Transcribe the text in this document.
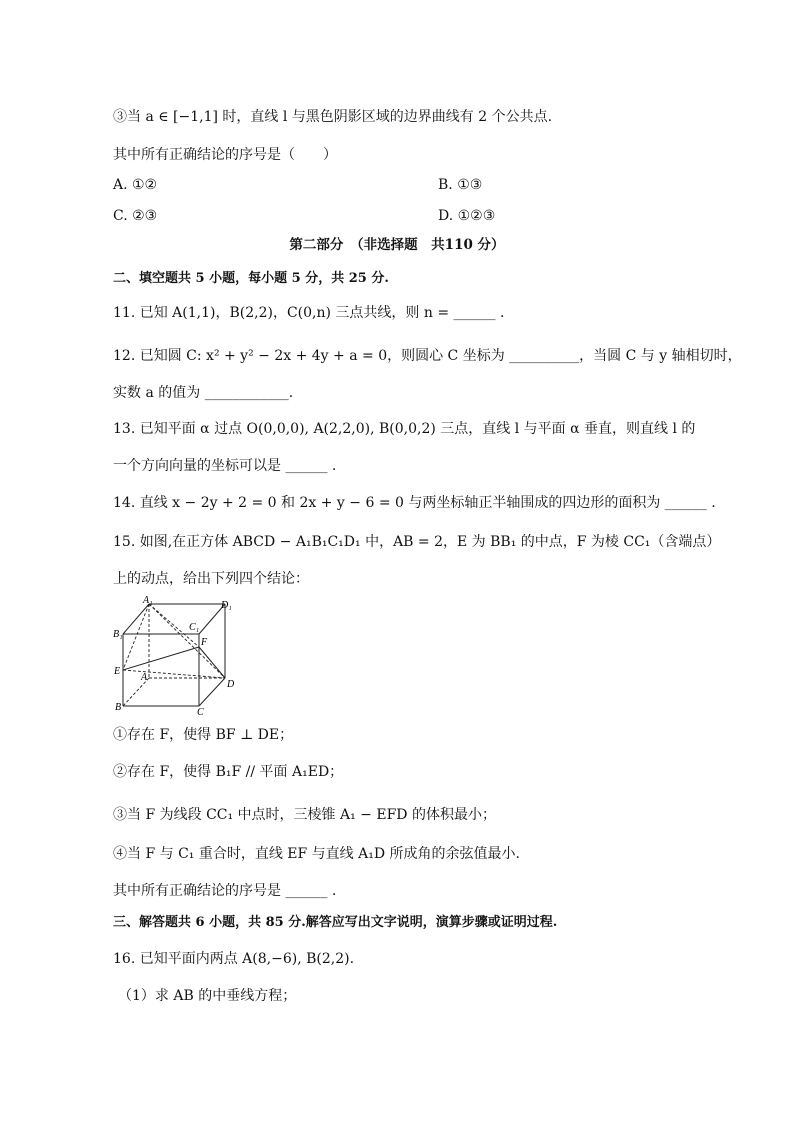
③当 a ∈ [−1,1] 时，直线 l 与黑色阴影区域的边界曲线有 2 个公共点.
其中所有正确结论的序号是（　　）
A. ①②	B. ①③
C. ②③	D. ①②③
第二部分　（非选择题　共110 分）
二、填空题共 5 小题，每小题 5 分，共 25 分.
11. 已知 A(1,1)，B(2,2)，C(0,n) 三点共线，则 n = ______ .
12. 已知圆 C: x² + y² − 2x + 4y + a = 0，则圆心 C 坐标为 __________，当圆 C 与 y 轴相切时，
实数 a 的值为 ____________.
13. 已知平面 α 过点 O(0,0,0), A(2,2,0), B(0,0,2) 三点，直线 l 与平面 α 垂直，则直线 l 的
一个方向向量的坐标可以是 ______ .
14. 直线 x − 2y + 2 = 0 和 2x + y − 6 = 0 与两坐标轴正半轴围成的四边形的面积为 ______ .
15. 如图,在正方体 ABCD − A₁B₁C₁D₁ 中，AB = 2，E 为 BB₁ 的中点，F 为棱 CC₁（含端点）
上的动点，给出下列四个结论：
A₁	D₁
B₁
C₁
F
E
A
D
B	C
①存在 F，使得 BF ⊥ DE；
②存在 F，使得 B₁F // 平面 A₁ED；
③当 F 为线段 CC₁ 中点时，三棱锥 A₁ − EFD 的体积最小；
④当 F 与 C₁ 重合时，直线 EF 与直线 A₁D 所成角的余弦值最小.
其中所有正确结论的序号是 ______ .
三、解答题共 6 小题，共 85 分.解答应写出文字说明，演算步骤或证明过程.
16. 已知平面内两点 A(8,−6), B(2,2).
（1）求 AB 的中垂线方程；
